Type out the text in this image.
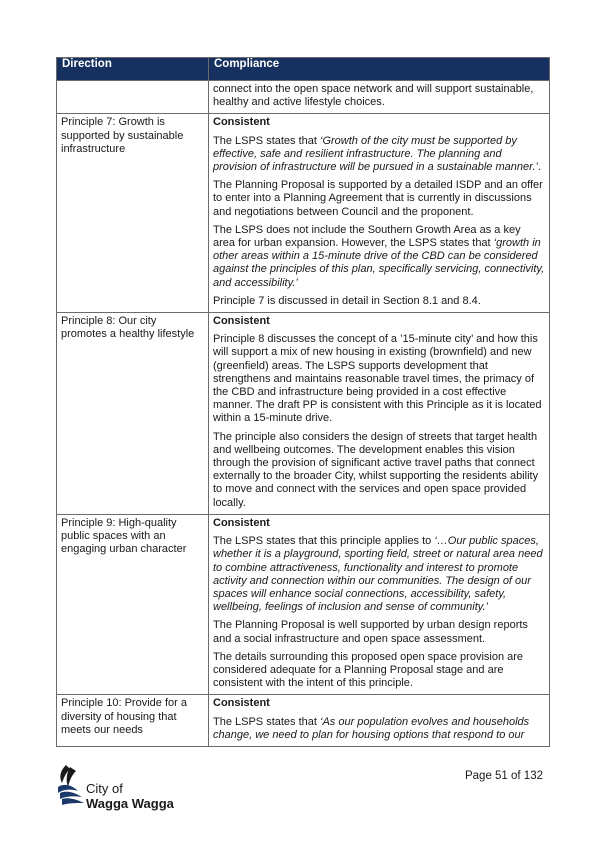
Direction	Compliance

	connect into the open space network and will support sustainable, healthy and active lifestyle choices.

Principle 7: Growth is supported by sustainable infrastructure	Consistent
The LSPS states that ‘Growth of the city must be supported by effective, safe and resilient infrastructure. The planning and provision of infrastructure will be pursued in a sustainable manner.’.
The Planning Proposal is supported by a detailed ISDP and an offer to enter into a Planning Agreement that is currently in discussions and negotiations between Council and the proponent.
The LSPS does not include the Southern Growth Area as a key area for urban expansion. However, the LSPS states that ‘growth in other areas within a 15-minute drive of the CBD can be considered against the principles of this plan, specifically servicing, connectivity, and accessibility.’
Principle 7 is discussed in detail in Section 8.1 and 8.4.

Principle 8: Our city promotes a healthy lifestyle	Consistent
Principle 8 discusses the concept of a ’15-minute city’ and how this will support a mix of new housing in existing (brownfield) and new (greenfield) areas. The LSPS supports development that strengthens and maintains reasonable travel times, the primacy of the CBD and infrastructure being provided in a cost effective manner. The draft PP is consistent with this Principle as it is located within a 15-minute drive.
The principle also considers the design of streets that target health and wellbeing outcomes. The development enables this vision through the provision of significant active travel paths that connect externally to the broader City, whilst supporting the residents ability to move and connect with the services and open space provided locally.

Principle 9: High-quality public spaces with an engaging urban character	Consistent
The LSPS states that this principle applies to ‘…Our public spaces, whether it is a playground, sporting field, street or natural area need to combine attractiveness, functionality and interest to promote activity and connection within our communities. The design of our spaces will enhance social connections, accessibility, safety, wellbeing, feelings of inclusion and sense of community.’
The Planning Proposal is well supported by urban design reports and a social infrastructure and open space assessment.
The details surrounding this proposed open space provision are considered adequate for a Planning Proposal stage and are consistent with the intent of this principle.

Principle 10: Provide for a diversity of housing that meets our needs	Consistent
The LSPS states that ‘As our population evolves and households change, we need to plan for housing options that respond to our
City of
Wagga Wagga
Page 51 of 132
